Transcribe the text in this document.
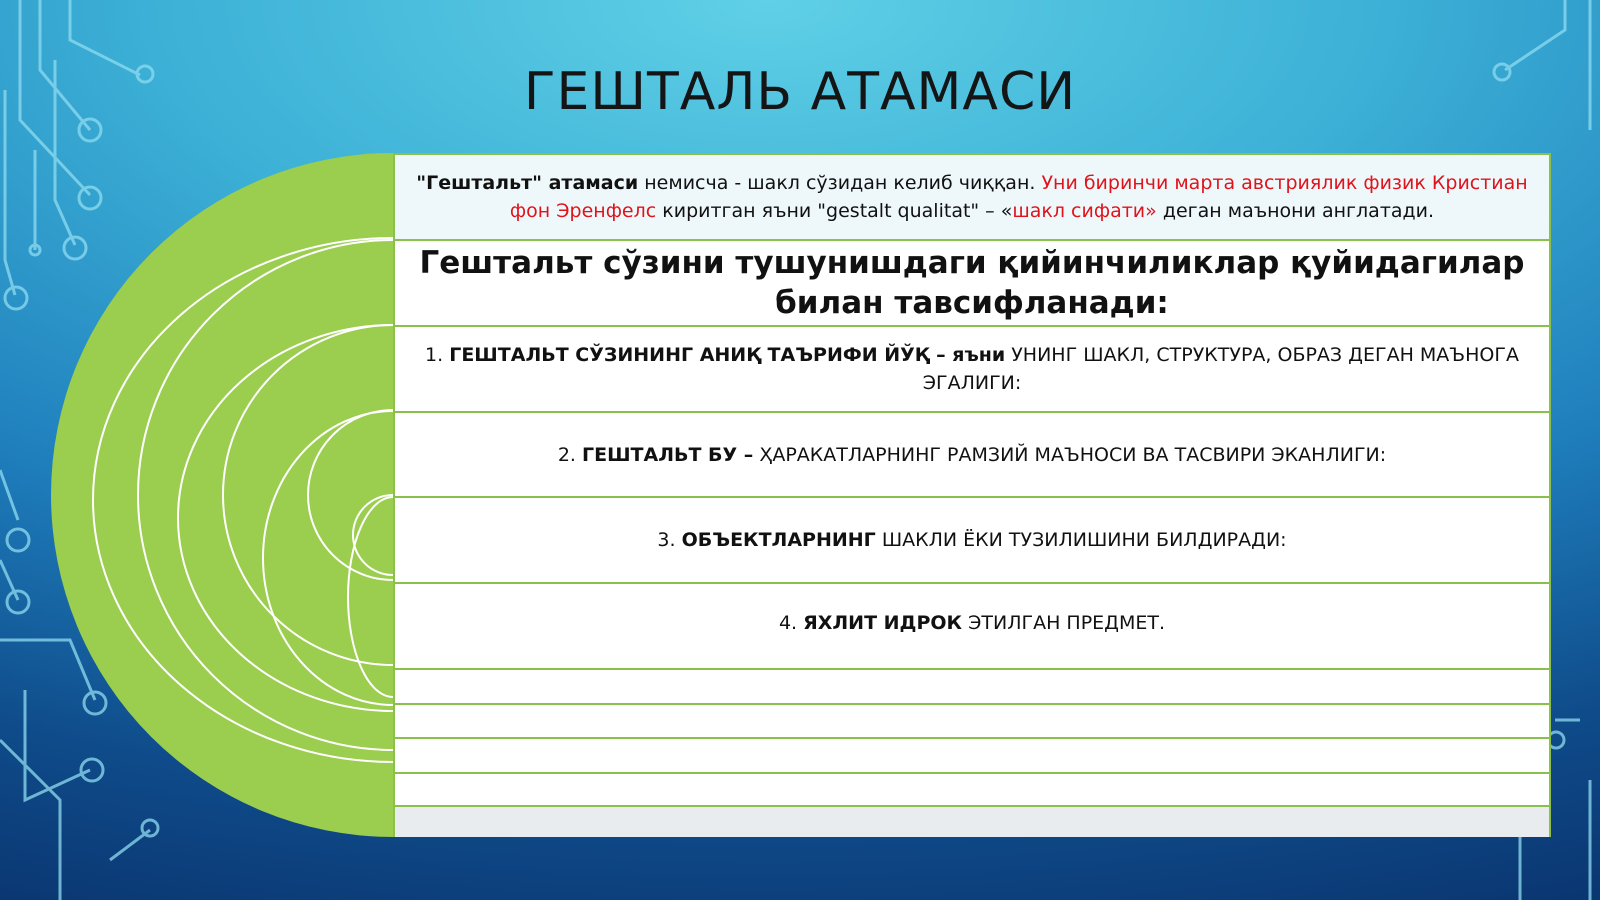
ГЕШТАЛЬ АТАМАСИ
"Гештальт" атамаси немисча - шакл сўзидан келиб чиққан. Уни биринчи марта австриялик физик Кристиан фон Эренфелс киритган яъни "gestalt qualitat" – «шакл сифати» деган маънони англатади.
Гештальт сўзини тушунишдаги қийинчиликлар қуйидагилар билан тавсифланади:
1. ГЕШТАЛЬТ СЎЗИНИНГ АНИҚ ТАЪРИФИ ЙЎҚ – яъни УНИНГ ШАКЛ, СТРУКТУРА, ОБРАЗ ДЕГАН МАЪНОГА ЭГАЛИГИ:
2. ГЕШТАЛЬТ БУ – ҲАРАКАТЛАРНИНГ РАМЗИЙ МАЪНОСИ ВА ТАСВИРИ ЭКАНЛИГИ:
3. ОБЪЕКТЛАРНИНГ ШАКЛИ ЁКИ ТУЗИЛИШИНИ БИЛДИРАДИ:
4. ЯХЛИТ ИДРОК ЭТИЛГАН ПРЕДМЕТ.
